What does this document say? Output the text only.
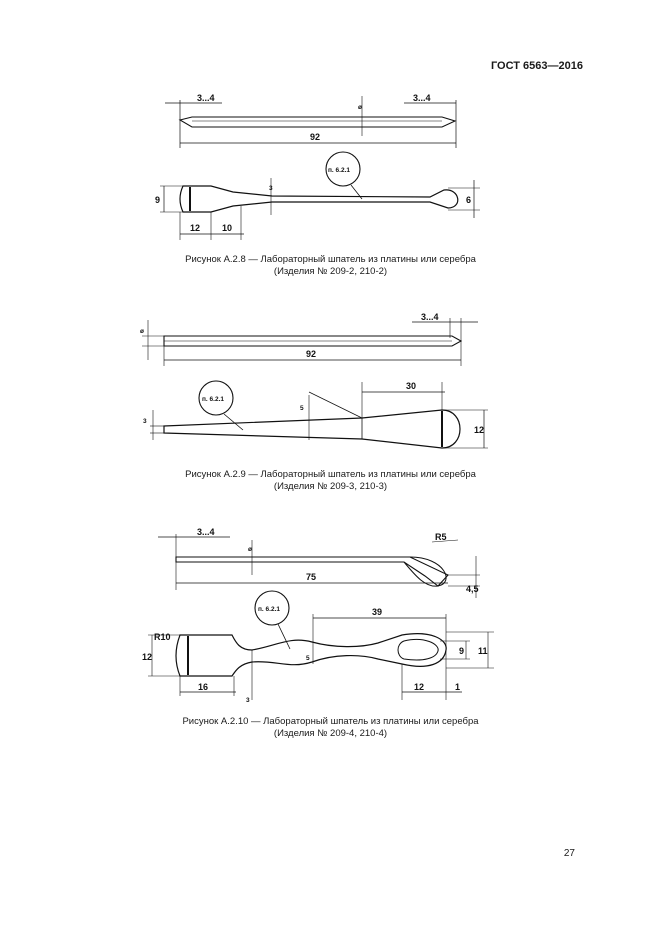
ГОСТ 6563—2016
3...4	3...4
ø
92
9
3
6
12 10
п. 6.2.1
ø
3...4
92
3
5
30
12
п. 6.2.1
3...4
ø
R5
75
4,5
R10
12	5
3
39
9 11
16	12	1
п. 6.2.1
Рисунок А.2.8 — Лабораторный шпатель из платины или серебра
(Изделия № 209-2, 210-2)
Рисунок А.2.9 — Лабораторный шпатель из платины или серебра
(Изделия № 209-3, 210-3)
Рисунок А.2.10 — Лабораторный шпатель из платины или серебра
(Изделия № 209-4, 210-4)
27
